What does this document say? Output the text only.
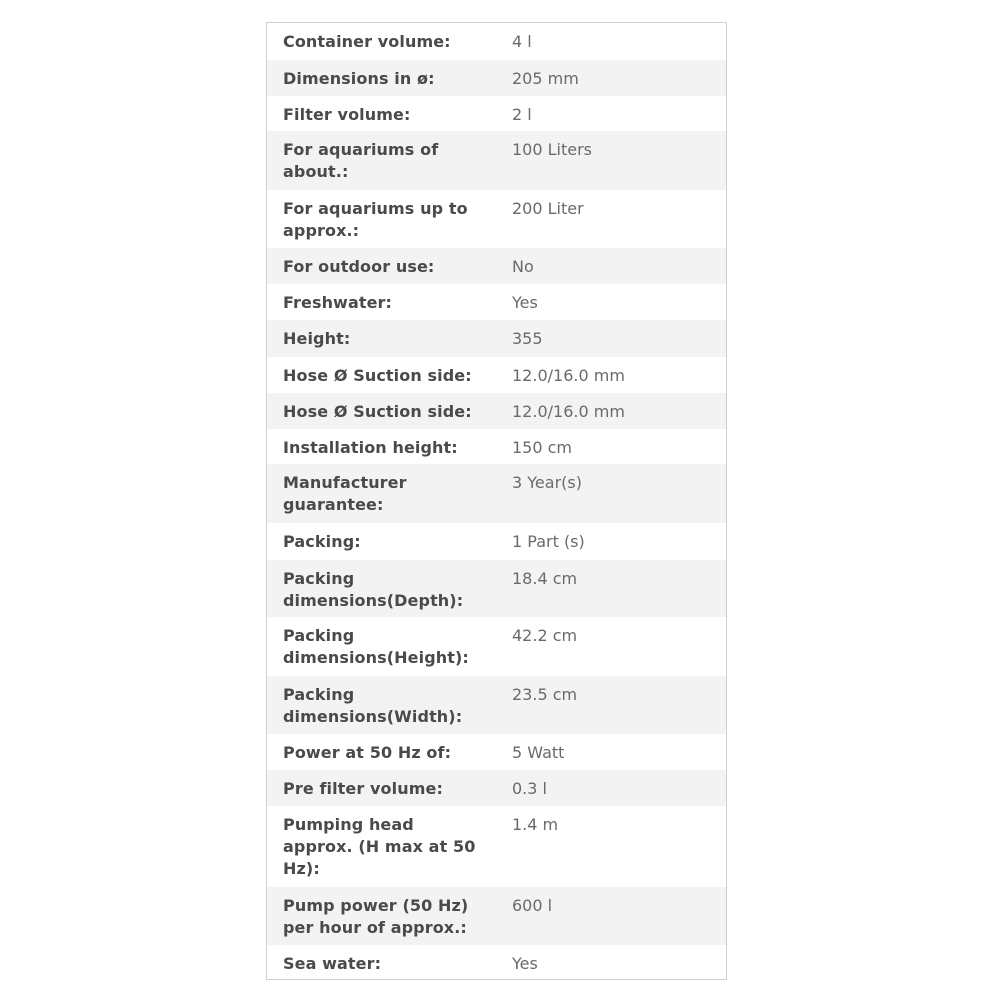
Container volume:	4 l
Dimensions in ø:	205 mm
Filter volume:	2 l
For aquariums of about.:
100 Liters
For aquariums up to approx.:
200 Liter
For outdoor use:	No
Freshwater:	Yes
Height:	355
Hose Ø Suction side:	12.0/16.0 mm
Hose Ø Suction side:	12.0/16.0 mm
Installation height:	150 cm
Manufacturer guarantee:
3 Year(s)
Packing:	1 Part (s)
Packing dimensions(Depth):
18.4 cm
Packing dimensions(Height):
42.2 cm
Packing dimensions(Width):
23.5 cm
Power at 50 Hz of:	5 Watt
Pre filter volume:	0.3 l
Pumping head approx. (H max at 50 Hz):
1.4 m
Pump power (50 Hz) per hour of approx.:
600 l
Sea water:	Yes
